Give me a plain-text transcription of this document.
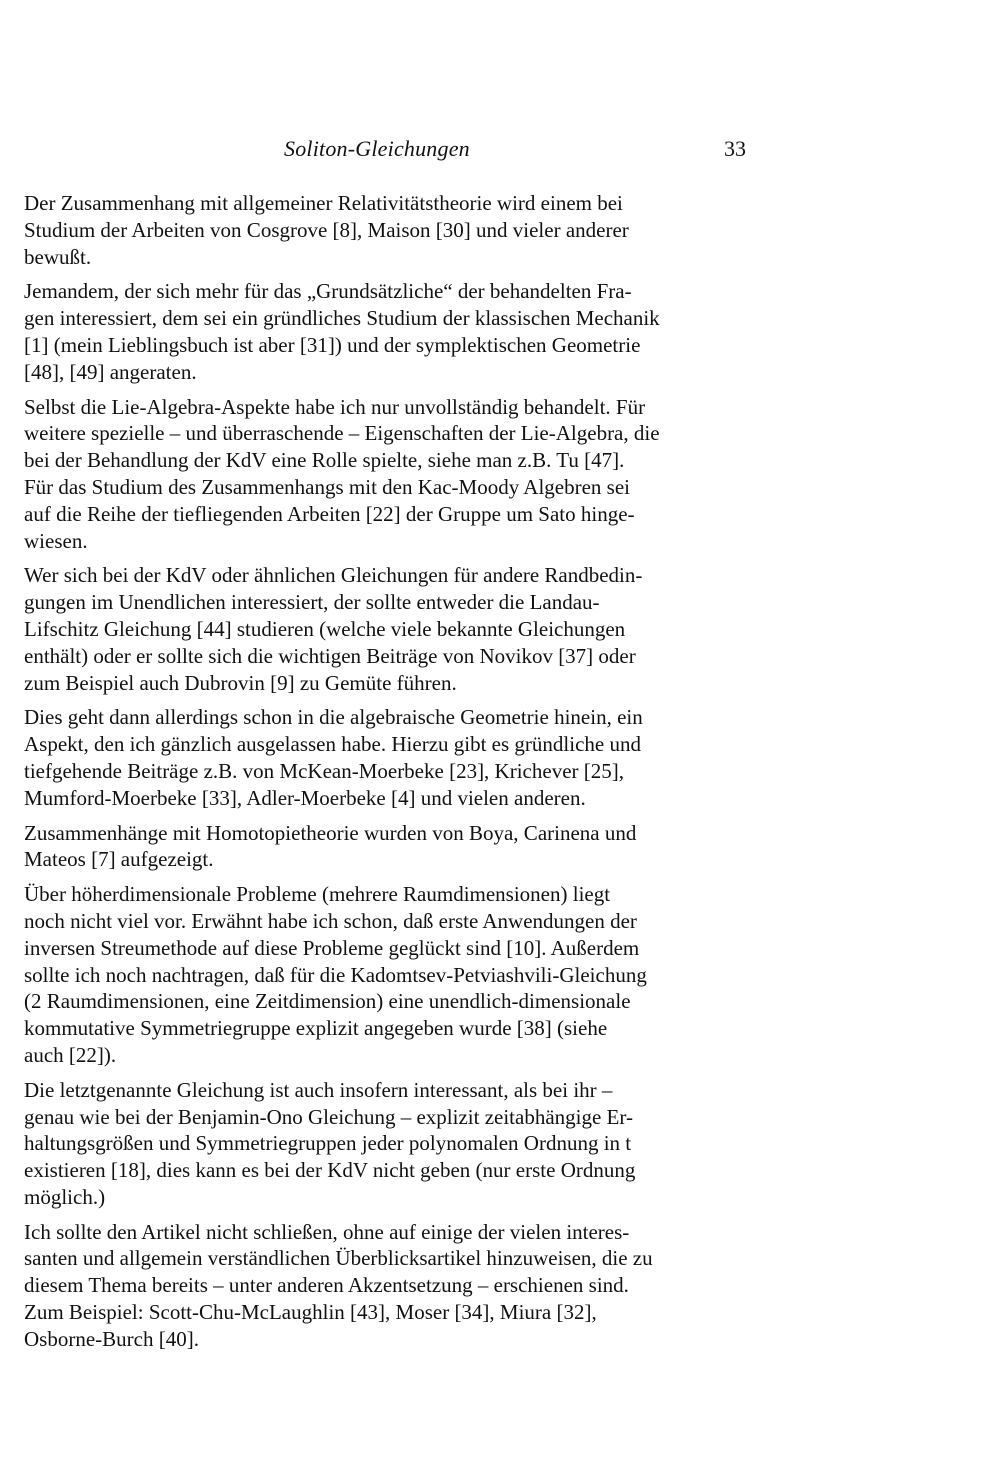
Soliton-Gleichungen	33

Der Zusammenhang mit allgemeiner Relativitätstheorie wird einem bei
Studium der Arbeiten von Cosgrove [8], Maison [30] und vieler anderer
bewußt.

Jemandem, der sich mehr für das „Grundsätzliche“ der behandelten Fra-
gen interessiert, dem sei ein gründliches Studium der klassischen Mechanik
[1] (mein Lieblingsbuch ist aber [31]) und der symplektischen Geometrie
[48], [49] angeraten.

Selbst die Lie-Algebra-Aspekte habe ich nur unvollständig behandelt. Für
weitere spezielle – und überraschende – Eigenschaften der Lie-Algebra, die
bei der Behandlung der KdV eine Rolle spielte, siehe man z.B. Tu [47].
Für das Studium des Zusammenhangs mit den Kac-Moody Algebren sei
auf die Reihe der tiefliegenden Arbeiten [22] der Gruppe um Sato hinge-
wiesen.

Wer sich bei der KdV oder ähnlichen Gleichungen für andere Randbedin-
gungen im Unendlichen interessiert, der sollte entweder die Landau-
Lifschitz Gleichung [44] studieren (welche viele bekannte Gleichungen
enthält) oder er sollte sich die wichtigen Beiträge von Novikov [37] oder
zum Beispiel auch Dubrovin [9] zu Gemüte führen.

Dies geht dann allerdings schon in die algebraische Geometrie hinein, ein
Aspekt, den ich gänzlich ausgelassen habe. Hierzu gibt es gründliche und
tiefgehende Beiträge z.B. von McKean-Moerbeke [23], Krichever [25],
Mumford-Moerbeke [33], Adler-Moerbeke [4] und vielen anderen.

Zusammenhänge mit Homotopietheorie wurden von Boya, Carinena und
Mateos [7] aufgezeigt.

Über höherdimensionale Probleme (mehrere Raumdimensionen) liegt
noch nicht viel vor. Erwähnt habe ich schon, daß erste Anwendungen der
inversen Streumethode auf diese Probleme geglückt sind [10]. Außerdem
sollte ich noch nachtragen, daß für die Kadomtsev-Petviashvili-Gleichung
(2 Raumdimensionen, eine Zeitdimension) eine unendlich-dimensionale
kommutative Symmetriegruppe explizit angegeben wurde [38] (siehe
auch [22]).

Die letztgenannte Gleichung ist auch insofern interessant, als bei ihr –
genau wie bei der Benjamin-Ono Gleichung – explizit zeitabhängige Er-
haltungsgrößen und Symmetriegruppen jeder polynomalen Ordnung in t
existieren [18], dies kann es bei der KdV nicht geben (nur erste Ordnung
möglich.)

Ich sollte den Artikel nicht schließen, ohne auf einige der vielen interes-
santen und allgemein verständlichen Überblicksartikel hinzuweisen, die zu
diesem Thema bereits – unter anderen Akzentsetzung – erschienen sind.
Zum Beispiel: Scott-Chu-McLaughlin [43], Moser [34], Miura [32],
Osborne-Burch [40].
